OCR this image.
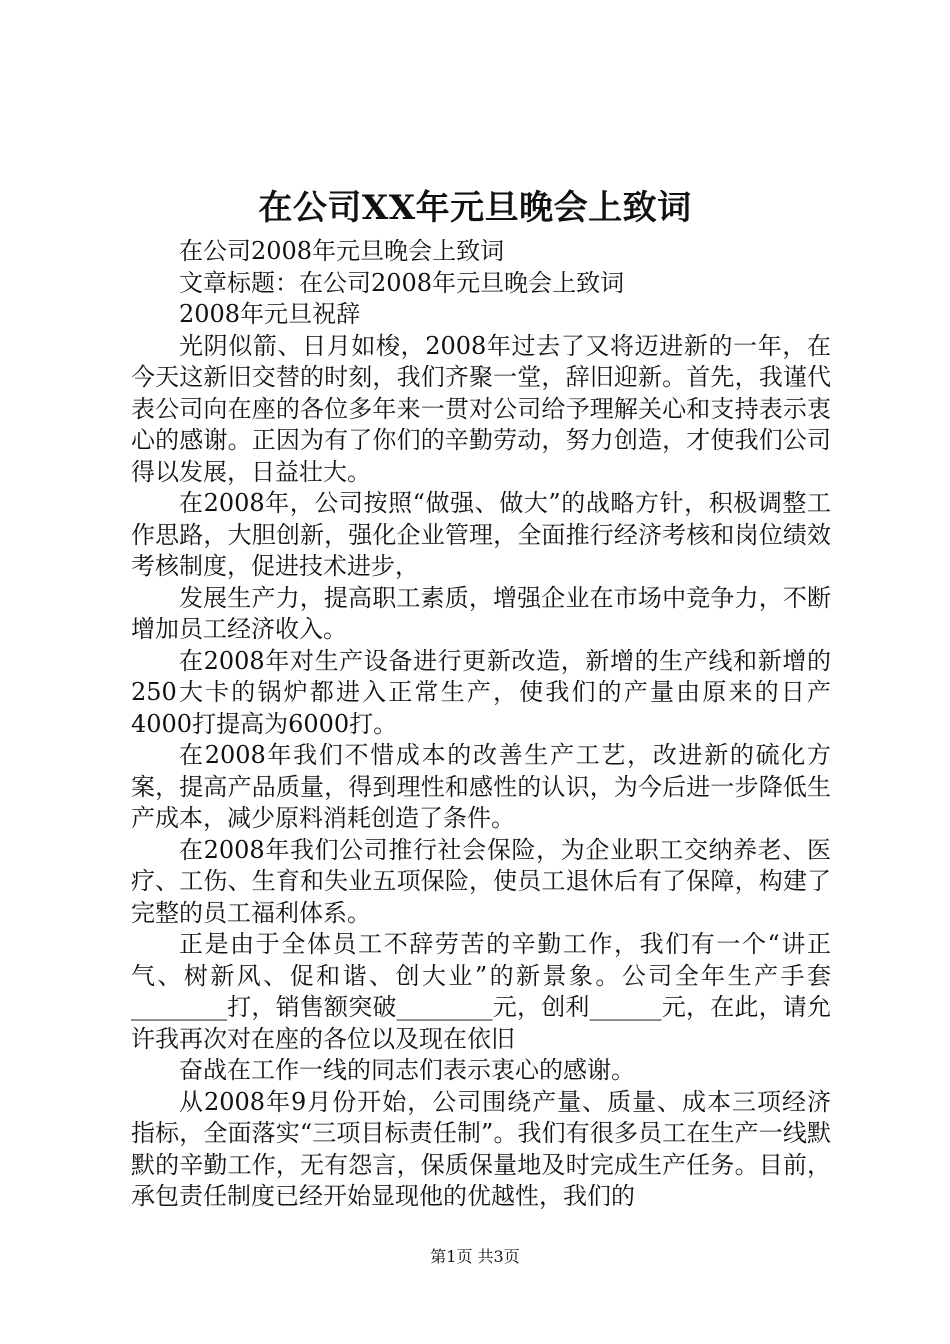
在公司XX年元旦晚会上致词

在公司2008年元旦晚会上致词

文章标题：在公司2008年元旦晚会上致词

2008年元旦祝辞

光阴似箭、日月如梭，2008年过去了又将迈进新的一年，在今天这新旧交替的时刻，我们齐聚一堂，辞旧迎新。首先，我谨代表公司向在座的各位多年来一贯对公司给予理解关心和支持表示衷心的感谢。正因为有了你们的辛勤劳动，努力创造，才使我们公司得以发展，日益壮大。

在2008年，公司按照“做强、做大”的战略方针，积极调整工作思路，大胆创新，强化企业管理，全面推行经济考核和岗位绩效考核制度，促进技术进步，

发展生产力，提高职工素质，增强企业在市场中竞争力，不断增加员工经济收入。

在2008年对生产设备进行更新改造，新增的生产线和新增的250大卡的锅炉都进入正常生产，使我们的产量由原来的日产4000打提高为6000打。

在2008年我们不惜成本的改善生产工艺，改进新的硫化方案，提高产品质量，得到理性和感性的认识，为今后进一步降低生产成本，减少原料消耗创造了条件。

在2008年我们公司推行社会保险，为企业职工交纳养老、医疗、工伤、生育和失业五项保险，使员工退休后有了保障，构建了完整的员工福利体系。

正是由于全体员工不辞劳苦的辛勤工作，我们有一个“讲正气、树新风、促和谐、创大业”的新景象。公司全年生产手套________打，销售额突破________元，创利______元，在此，请允许我再次对在座的各位以及现在依旧

奋战在工作一线的同志们表示衷心的感谢。

从2008年9月份开始，公司围绕产量、质量、成本三项经济指标，全面落实“三项目标责任制”。我们有很多员工在生产一线默默的辛勤工作，无有怨言，保质保量地及时完成生产任务。目前，承包责任制度已经开始显现他的优越性，我们的

第1页 共3页
